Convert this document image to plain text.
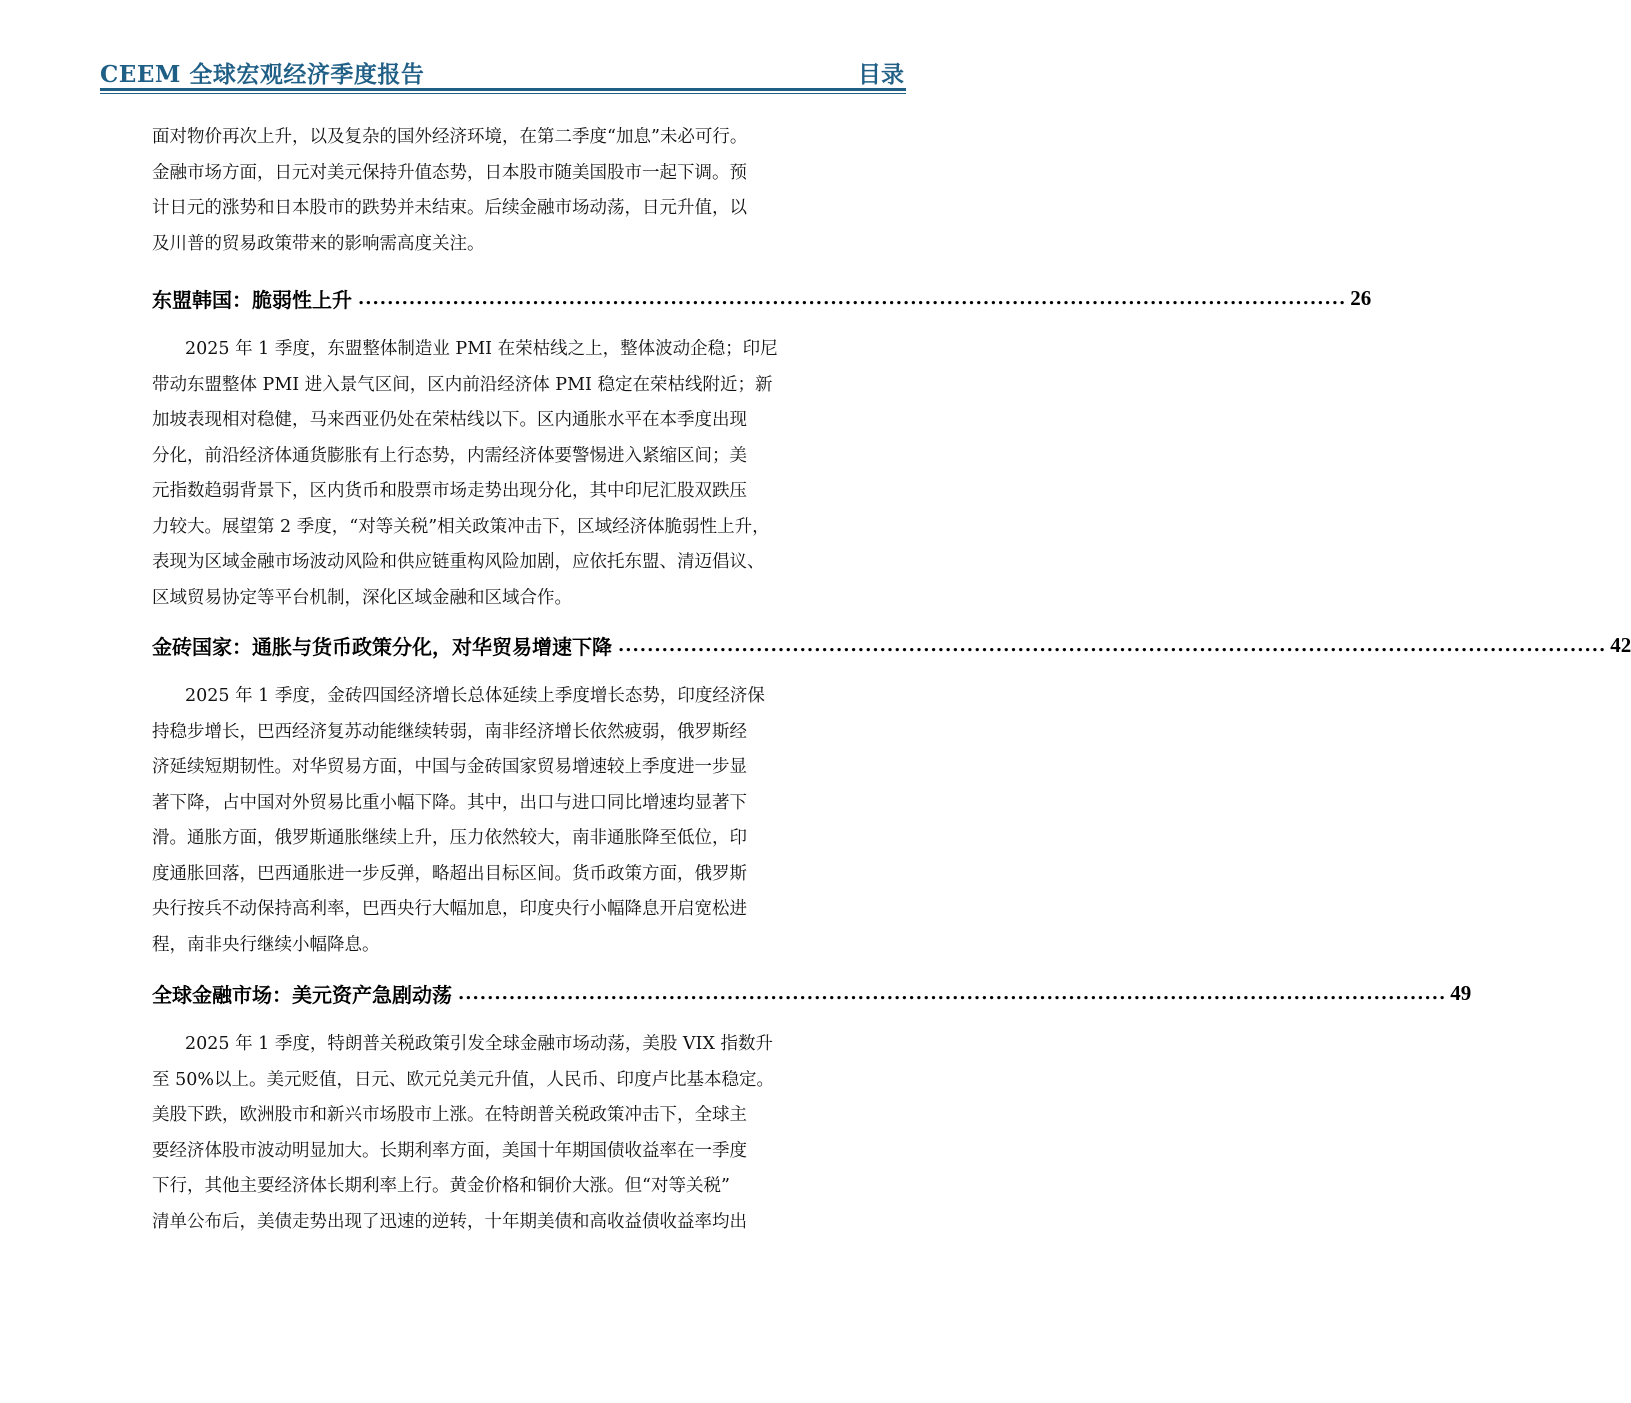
CEEM 全球宏观经济季度报告	目录
面对物价再次上升，以及复杂的国外经济环境，在第二季度“加息”未必可行。
金融市场方面，日元对美元保持升值态势，日本股市随美国股市一起下调。预
计日元的涨势和日本股市的跌势并未结束。后续金融市场动荡，日元升值，以
及川普的贸易政策带来的影响需高度关注。
东盟韩国：脆弱性上升 ........................................................................................................................................ 26
2025 年 1 季度，东盟整体制造业 PMI 在荣枯线之上，整体波动企稳；印尼
带动东盟整体 PMI 进入景气区间，区内前沿经济体 PMI 稳定在荣枯线附近；新
加坡表现相对稳健，马来西亚仍处在荣枯线以下。区内通胀水平在本季度出现
分化，前沿经济体通货膨胀有上行态势，内需经济体要警惕进入紧缩区间；美
元指数趋弱背景下，区内货币和股票市场走势出现分化，其中印尼汇股双跌压
力较大。展望第 2 季度，“对等关税”相关政策冲击下，区域经济体脆弱性上升，
表现为区域金融市场波动风险和供应链重构风险加剧，应依托东盟、清迈倡议、
区域贸易协定等平台机制，深化区域金融和区域合作。
金砖国家：通胀与货币政策分化，对华贸易增速下降 ........................................................................................................................................ 42
2025 年 1 季度，金砖四国经济增长总体延续上季度增长态势，印度经济保
持稳步增长，巴西经济复苏动能继续转弱，南非经济增长依然疲弱，俄罗斯经
济延续短期韧性。对华贸易方面，中国与金砖国家贸易增速较上季度进一步显
著下降，占中国对外贸易比重小幅下降。其中，出口与进口同比增速均显著下
滑。通胀方面，俄罗斯通胀继续上升，压力依然较大，南非通胀降至低位，印
度通胀回落，巴西通胀进一步反弹，略超出目标区间。货币政策方面，俄罗斯
央行按兵不动保持高利率，巴西央行大幅加息，印度央行小幅降息开启宽松进
程，南非央行继续小幅降息。
全球金融市场：美元资产急剧动荡 ........................................................................................................................................ 49
2025 年 1 季度，特朗普关税政策引发全球金融市场动荡，美股 VIX 指数升
至 50%以上。美元贬值，日元、欧元兑美元升值，人民币、印度卢比基本稳定。
美股下跌，欧洲股市和新兴市场股市上涨。在特朗普关税政策冲击下，全球主
要经济体股市波动明显加大。长期利率方面，美国十年期国债收益率在一季度
下行，其他主要经济体长期利率上行。黄金价格和铜价大涨。但“对等关税”
清单公布后，美债走势出现了迅速的逆转，十年期美债和高收益债收益率均出
